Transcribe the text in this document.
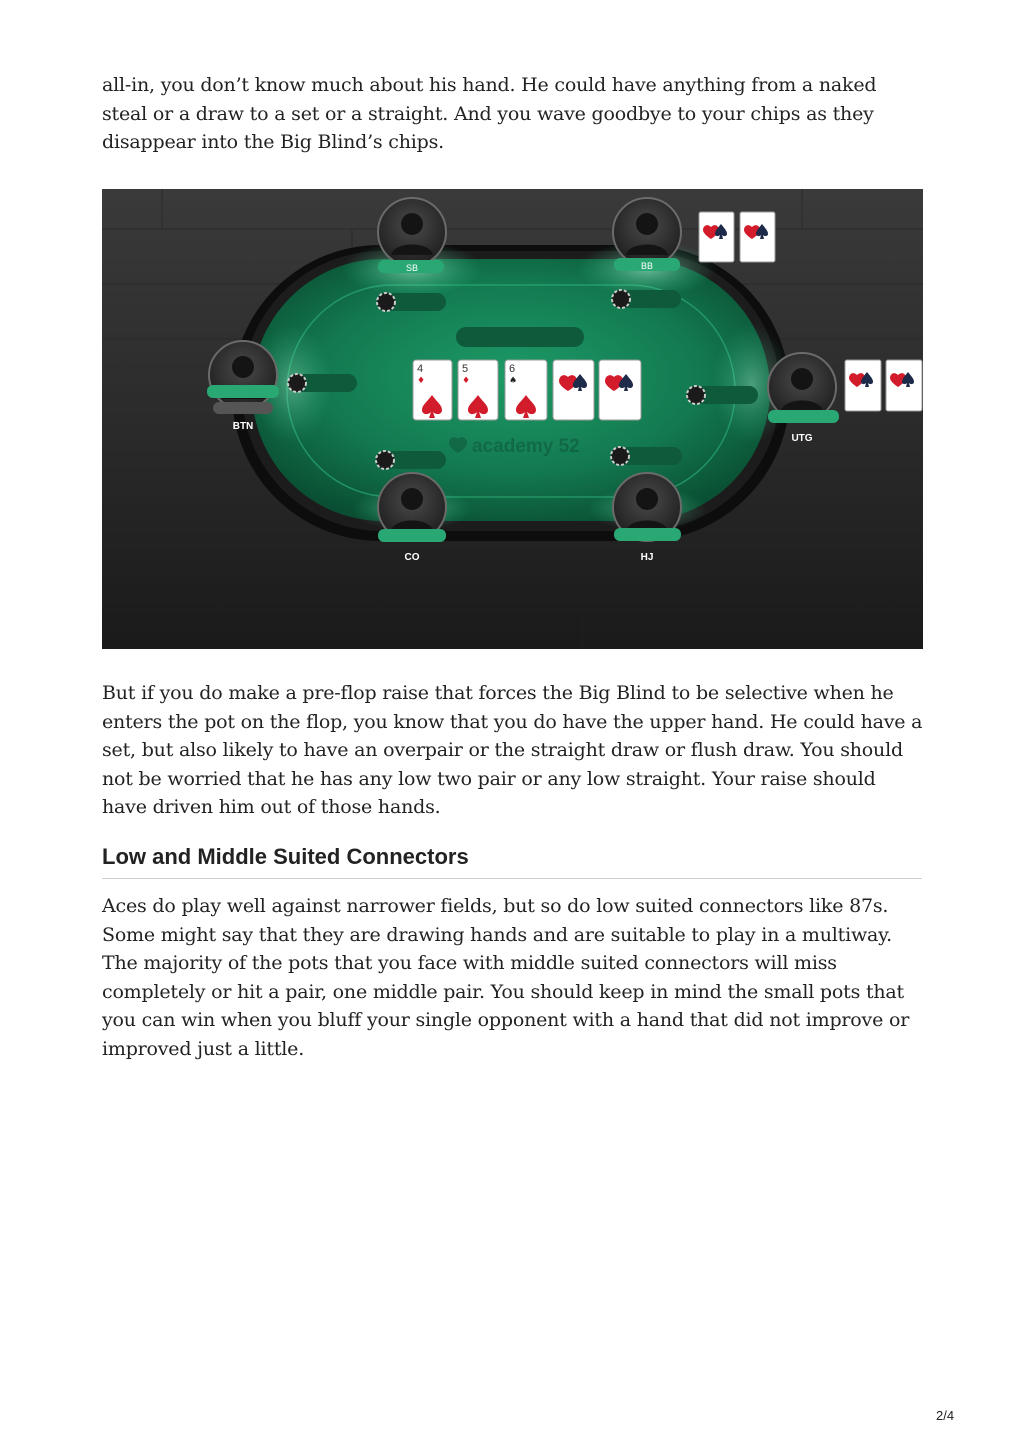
all-in, you don’t know much about his hand. He could have anything from a naked steal or a draw to a set or a straight. And you wave goodbye to your chips as they disappear into the Big Blind’s chips.

4
♦
5
♦
6
♠
academy 52
SB	BB
BTN
UTG
CO	HJ

But if you do make a pre-flop raise that forces the Big Blind to be selective when he enters the pot on the flop, you know that you do have the upper hand. He could have a set, but also likely to have an overpair or the straight draw or flush draw. You should not be worried that he has any low two pair or any low straight. Your raise should have driven him out of those hands.

Low and Middle Suited Connectors

Aces do play well against narrower fields, but so do low suited connectors like 87s. Some might say that they are drawing hands and are suitable to play in a multiway. The majority of the pots that you face with middle suited connectors will miss completely or hit a pair, one middle pair. You should keep in mind the small pots that you can win when you bluff your single opponent with a hand that did not improve or improved just a little.

2/4
